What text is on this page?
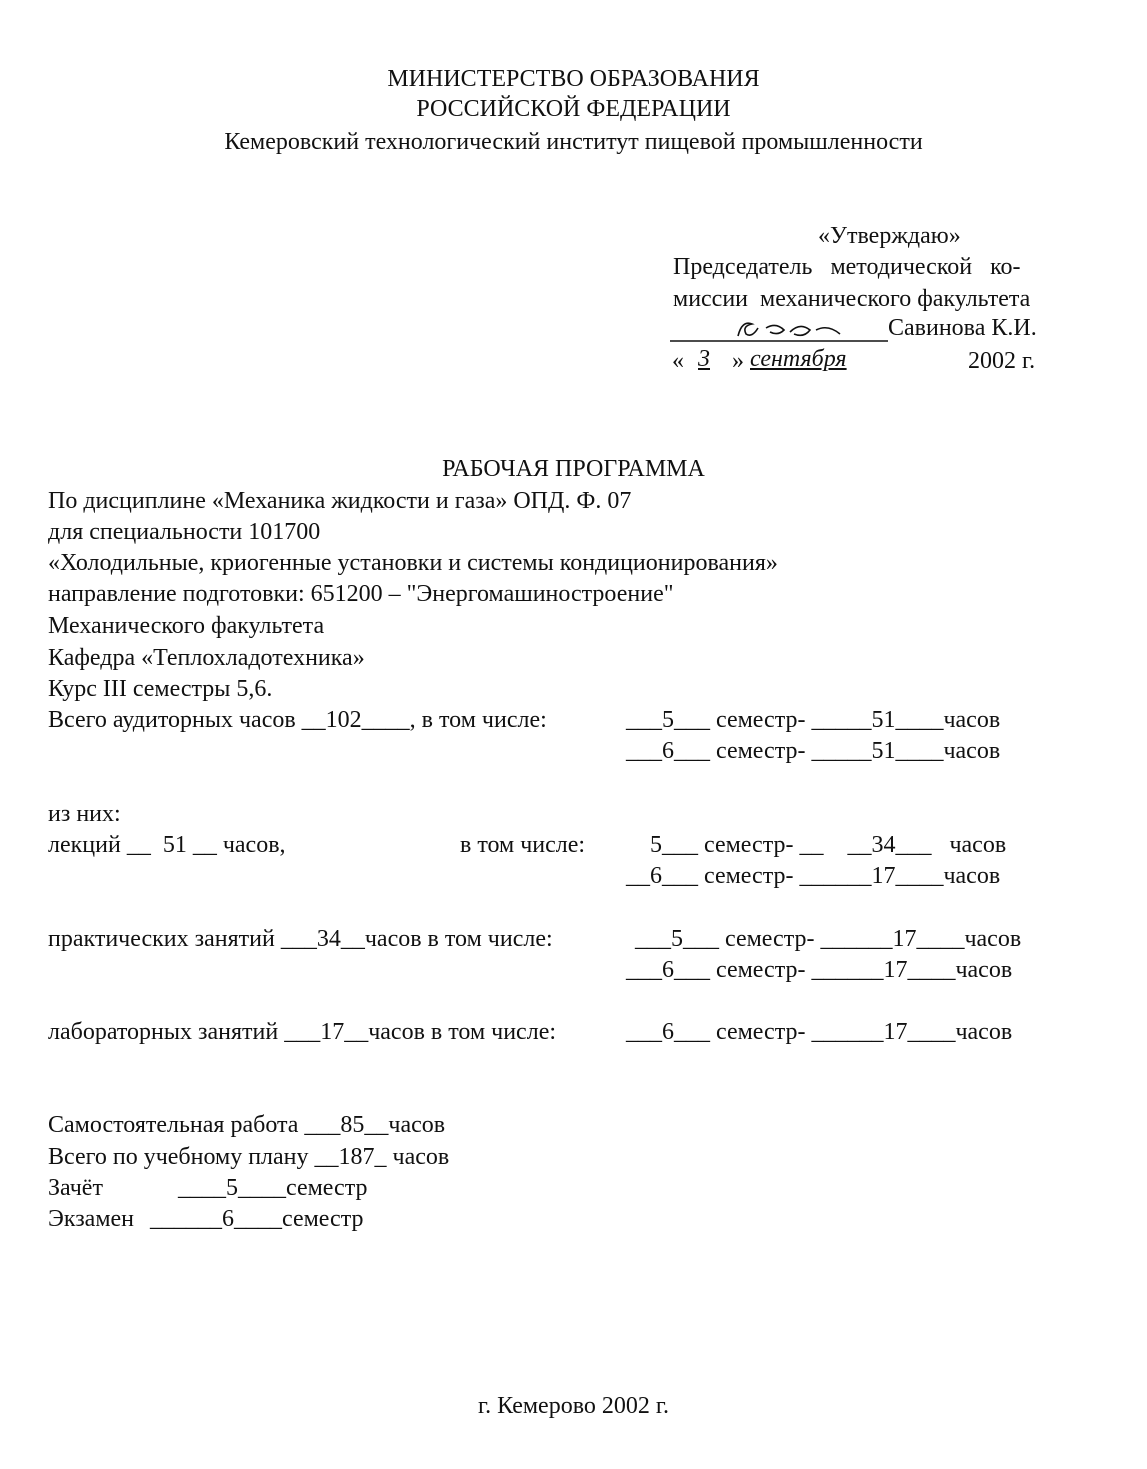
МИНИСТЕРСТВО ОБРАЗОВАНИЯ
РОССИЙСКОЙ ФЕДЕРАЦИИ
Кемеровский технологический институт пищевой промышленности
«Утверждаю»
Председатель   методической   ко-
миссии  механического факультета
Савинова К.И.
« 3 » сентября	2002 г.
РАБОЧАЯ ПРОГРАММА
По дисциплине «Механика жидкости и газа» ОПД. Ф. 07
для специальности 101700
«Холодильные, криогенные установки и системы кондиционирования»
направление подготовки: 651200 – "Энергомашиностроение"
Механического факультета
Кафедра «Теплохладотехника»
Курс III семестры 5,6.
Всего аудиторных часов __102____, в том числе:	___5___ семестр- _____51____часов
___6___ семестр- _____51____часов
из них:
лекций __  51 __ часов,	в том числе:	5___ семестр- __    __34___   часов
__6___ семестр- ______17____часов
практических занятий ___34__часов в том числе:	___5___ семестр- ______17____часов
___6___ семестр- ______17____часов
лабораторных занятий ___17__часов в том числе:	___6___ семестр- ______17____часов
Самостоятельная работа ___85__часов
Всего по учебному плану __187_ часов
Зачёт	____5____семестр
Экзамен ______6____семестр
г. Кемерово 2002 г.
